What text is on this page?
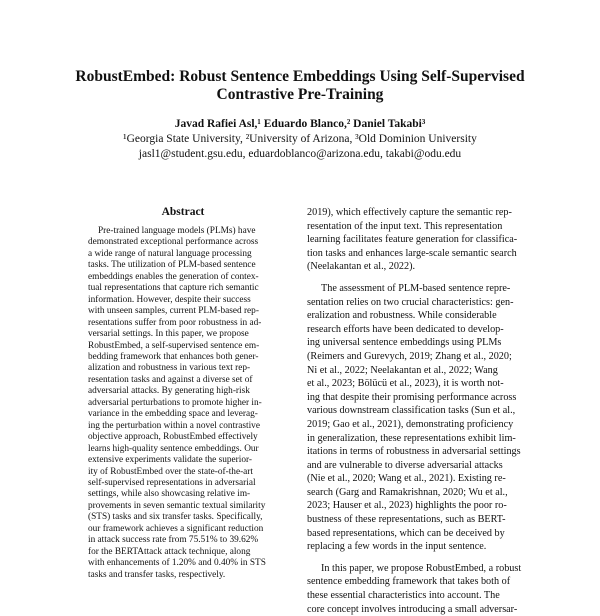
RobustEmbed: Robust Sentence Embeddings Using Self-Supervised
Contrastive Pre-Training

Javad Rafiei Asl,¹ Eduardo Blanco,² Daniel Takabi³

¹Georgia State University, ²University of Arizona, ³Old Dominion University

jasl1@student.gsu.edu, eduardoblanco@arizona.edu, takabi@odu.edu

Abstract
Pre-trained language models (PLMs) have
demonstrated exceptional performance across
a wide range of natural language processing
tasks. The utilization of PLM-based sentence
embeddings enables the generation of contex-
tual representations that capture rich semantic
information. However, despite their success
with unseen samples, current PLM-based rep-
resentations suffer from poor robustness in ad-
versarial settings. In this paper, we propose
RobustEmbed, a self-supervised sentence em-
bedding framework that enhances both gener-
alization and robustness in various text rep-
resentation tasks and against a diverse set of
adversarial attacks. By generating high-risk
adversarial perturbations to promote higher in-
variance in the embedding space and leverag-
ing the perturbation within a novel contrastive
objective approach, RobustEmbed effectively
learns high-quality sentence embeddings. Our
extensive experiments validate the superior-
ity of RobustEmbed over the state-of-the-art
self-supervised representations in adversarial
settings, while also showcasing relative im-
provements in seven semantic textual similarity
(STS) tasks and six transfer tasks. Specifically,
our framework achieves a significant reduction
in attack success rate from 75.51% to 39.62%
for the BERTAttack attack technique, along
with enhancements of 1.20% and 0.40% in STS
tasks and transfer tasks, respectively.

2019), which effectively capture the semantic rep-
resentation of the input text. This representation
learning facilitates feature generation for classifica-
tion tasks and enhances large-scale semantic search
(Neelakantan et al., 2022).

The assessment of PLM-based sentence repre-
sentation relies on two crucial characteristics: gen-
eralization and robustness. While considerable
research efforts have been dedicated to develop-
ing universal sentence embeddings using PLMs
(Reimers and Gurevych, 2019; Zhang et al., 2020;
Ni et al., 2022; Neelakantan et al., 2022; Wang
et al., 2023; Bölücü et al., 2023), it is worth not-
ing that despite their promising performance across
various downstream classification tasks (Sun et al.,
2019; Gao et al., 2021), demonstrating proficiency
in generalization, these representations exhibit lim-
itations in terms of robustness in adversarial settings
and are vulnerable to diverse adversarial attacks
(Nie et al., 2020; Wang et al., 2021). Existing re-
search (Garg and Ramakrishnan, 2020; Wu et al.,
2023; Hauser et al., 2023) highlights the poor ro-
bustness of these representations, such as BERT-
based representations, which can be deceived by
replacing a few words in the input sentence.

In this paper, we propose RobustEmbed, a robust
sentence embedding framework that takes both of
these essential characteristics into account. The
core concept involves introducing a small adversar-
